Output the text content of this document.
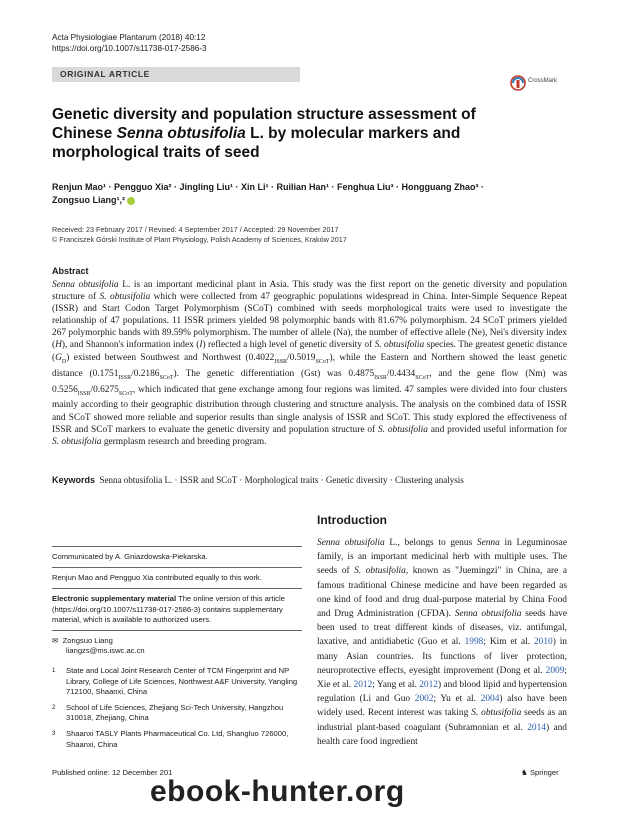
Acta Physiologiae Plantarum (2018) 40:12
https://doi.org/10.1007/s11738-017-2586-3
ORIGINAL ARTICLE
CrossMark
Genetic diversity and population structure assessment of Chinese Senna obtusifolia L. by molecular markers and morphological traits of seed
Renjun Mao¹ · Pengguo Xia² · Jingling Liu¹ · Xin Li¹ · Ruilian Han¹ · Fenghua Liu³ · Hongguang Zhao³ · Zongsuo Liang¹,²
Received: 23 February 2017 / Revised: 4 September 2017 / Accepted: 29 November 2017
© Franciszek Górski Institute of Plant Physiology, Polish Academy of Sciences, Kraków 2017
Abstract
Senna obtusifolia L. is an important medicinal plant in Asia. This study was the first report on the genetic diversity and population structure of S. obtusifolia which were collected from 47 geographic populations widespread in China. Inter-Simple Sequence Repeat (ISSR) and Start Codon Target Polymorphism (SCoT) combined with seeds morphological traits were used to investigate the relationship of 47 populations. 11 ISSR primers yielded 98 polymorphic bands with 81.67% polymorphism. 24 SCoT primers yielded 267 polymorphic bands with 89.59% polymorphism. The number of allele (Na), the number of effective allele (Ne), Nei's diversity index (H), and Shannon's information index (I) reflected a high level of genetic diversity of S. obtusifolia species. The greatest genetic distance $(G_D)$ existed between Southwest and Northwest $(0.4022_{ISSR}/0.5019_{SCoT})$, while the Eastern and Northern showed the least genetic distance $(0.1751_{ISSR}/0.2186_{SCoT})$. The genetic differentiation (Gst) was $0.4875_{ISSR}/0.4434_{SCoT}$, and the gene flow (Nm) was $0.5256_{ISSR}/0.6275_{SCoT}$, which indicated that gene exchange among four regions was limited. 47 samples were divided into four clusters mainly according to their geographic distribution through clustering and structure analysis. The analysis on the combined data of ISSR and SCoT showed more reliable and superior results than single analysis of ISSR and SCoT. This study explored the effectiveness of ISSR and SCoT markers to evaluate the genetic diversity and population structure of S. obtusifolia and provided useful information for S. obtusifolia germplasm research and breeding program.
Keywords Senna obtusifolia L. · ISSR and SCoT · Morphological traits · Genetic diversity · Clustering analysis
Communicated by A. Gniazdowska-Piekarska.
Renjun Mao and Pengguo Xia contributed equally to this work.
Electronic supplementary material The online version of this article (https://doi.org/10.1007/s11738-017-2586-3) contains supplementary material, which is available to authorized users.
✉ Zongsuo Liang
liangzs@ms.iswc.ac.cn
1	State and Local Joint Research Center of TCM Fingerprint and NP Library, College of Life Sciences, Northwest A&F University, Yangling 712100, Shaanxi, China
2	School of Life Sciences, Zhejiang Sci-Tech University, Hangzhou 310018, Zhejiang, China
3	Shaanxi TASLY Plants Pharmaceutical Co. Ltd, Shangluo 726000, Shaanxi, China
Introduction
Senna obtusifolia L., belongs to genus Senna in Leguminosae family, is an important medicinal herb with multiple uses. The seeds of S. obtusifolia, known as "Juemingzi" in China, are a famous traditional Chinese medicine and have been regarded as one kind of food and drug dual-purpose material by China Food and Drug Administration (CFDA). Senna obtusifolia seeds have been used to treat different kinds of diseases, viz. antifungal, laxative, and antidiabetic (Guo et al. 1998; Kim et al. 2010) in many Asian countries. Its functions of liver protection, neuroprotective effects, eyesight improvement (Dong et al. 2009; Xie et al. 2012; Yang et al. 2012) and blood lipid and hypertension regulation (Li and Guo 2002; Yu et al. 2004) also have been widely used. Recent interest was taking S. obtusifolia seeds as an industrial plant-based coagulant (Subramonian et al. 2014) and health care food ingredient
Published online: 12 December 201	♞ Springer
ebook-hunter.org
